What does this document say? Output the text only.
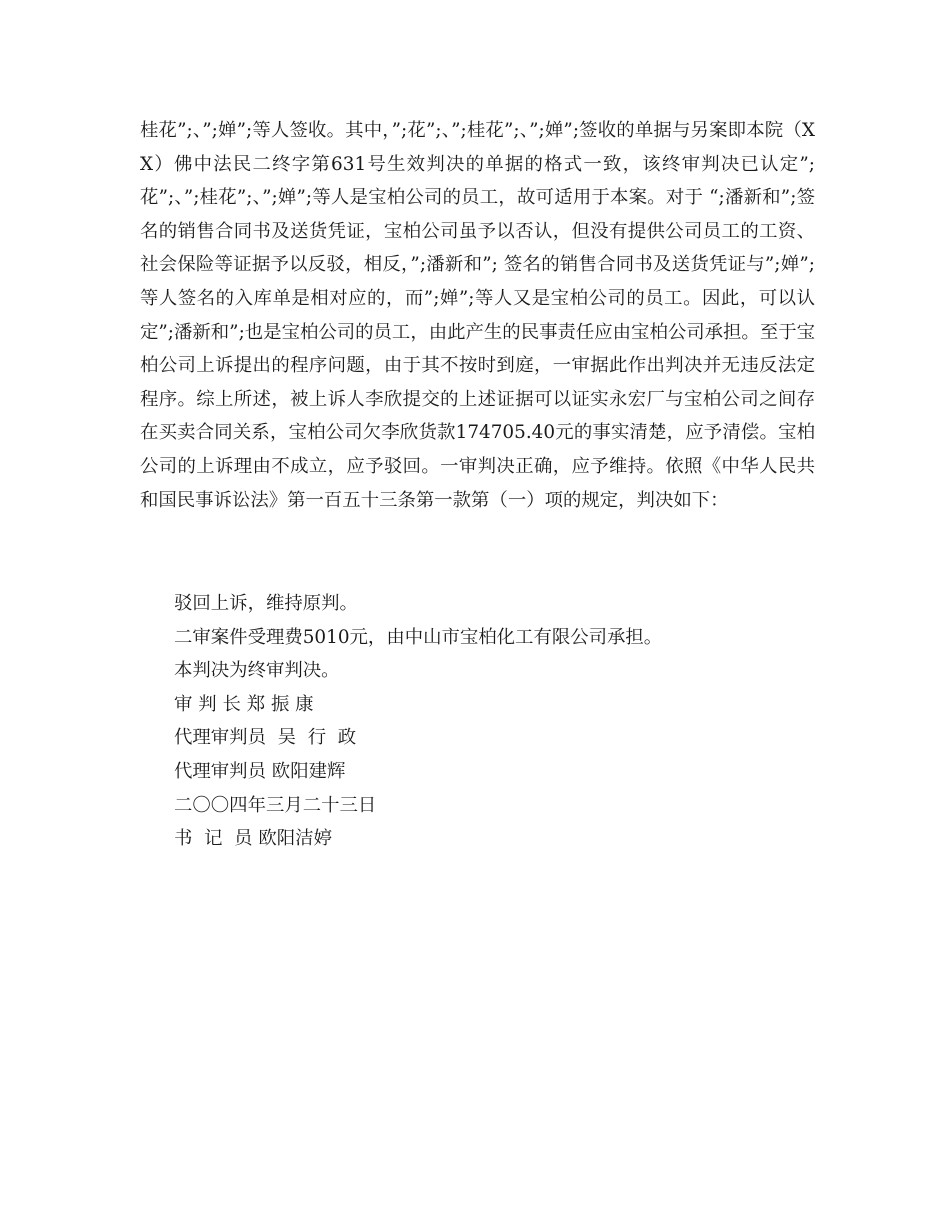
桂花”;、”;婵”;等人签收。其中，”;花”;、”;桂花”;、”;婵”;签收的单据与另案即本院（XX）佛中法民二终字第631号生效判决的单据的格式一致，该终审判决已认定”;花”;、”;桂花”;、”;婵”;等人是宝柏公司的员工，故可适用于本案。对于 “;潘新和”;签名的销售合同书及送货凭证，宝柏公司虽予以否认，但没有提供公司员工的工资、社会保险等证据予以反驳，相反，”;潘新和”; 签名的销售合同书及送货凭证与”;婵”;等人签名的入库单是相对应的，而”;婵”;等人又是宝柏公司的员工。因此，可以认定”;潘新和”;也是宝柏公司的员工，由此产生的民事责任应由宝柏公司承担。至于宝柏公司上诉提出的程序问题，由于其不按时到庭，一审据此作出判决并无违反法定程序。综上所述，被上诉人李欣提交的上述证据可以证实永宏厂与宝柏公司之间存在买卖合同关系，宝柏公司欠李欣货款174705.40元的事实清楚，应予清偿。宝柏公司的上诉理由不成立，应予驳回。一审判决正确，应予维持。依照《中华人民共和国民事诉讼法》第一百五十三条第一款第（一）项的规定，判决如下：

驳回上诉，维持原判。
二审案件受理费5010元，由中山市宝柏化工有限公司承担。
本判决为终审判决。
审 判 长 郑 振 康
代理审判员  吴  行  政
代理审判员 欧阳建辉
二〇〇四年三月二十三日
书  记  员 欧阳洁婷
